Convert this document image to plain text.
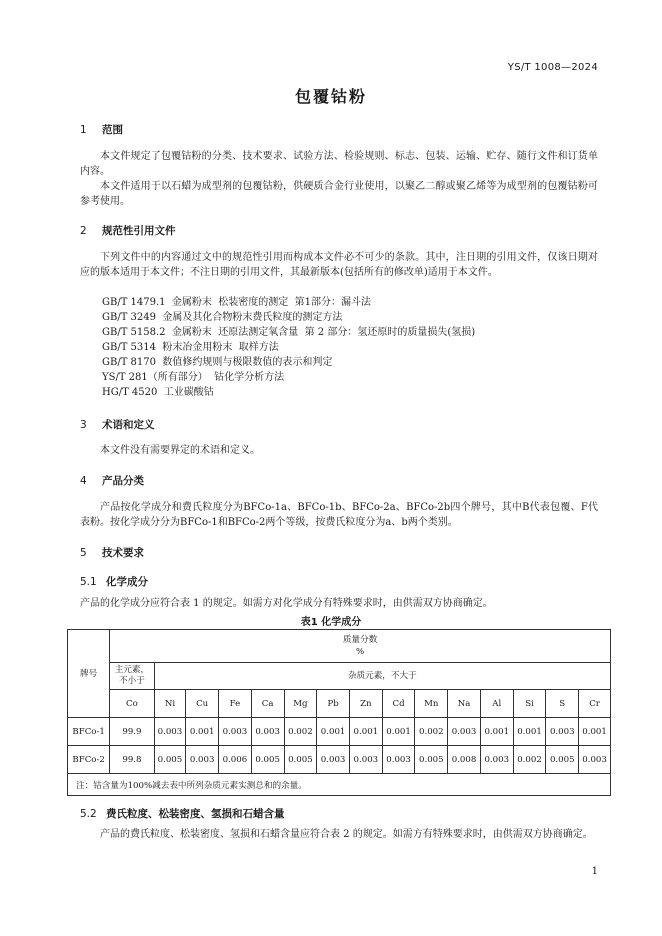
YS/T 1008—2024
包覆钴粉
1 范围

本文件规定了包覆钴粉的分类、技术要求、试验方法、检验规则、标志、包装、运输、贮存、随行文件和订货单内容。

本文件适用于以石蜡为成型剂的包覆钴粉，供硬质合金行业使用，以聚乙二醇或聚乙烯等为成型剂的包覆钴粉可参考使用。

2 规范性引用文件

下列文件中的内容通过文中的规范性引用而构成本文件必不可少的条款。其中，注日期的引用文件，仅该日期对应的版本适用于本文件；不注日期的引用文件，其最新版本(包括所有的修改单)适用于本文件。

GB/T 1479.1  金属粉末  松装密度的测定  第1部分：漏斗法
GB/T 3249  金属及其化合物粉末费氏粒度的测定方法
GB/T 5158.2  金属粉末  还原法测定氧含量  第 2 部分：氢还原时的质量损失(氢损)
GB/T 5314  粉末冶金用粉末  取样方法
GB/T 8170  数值修约规则与极限数值的表示和判定
YS/T 281（所有部分）  钴化学分析方法
HG/T 4520  工业碳酸钴
3 术语和定义

本文件没有需要界定的术语和定义。

4 产品分类

产品按化学成分和费氏粒度分为BFCo-1a、BFCo-1b、BFCo-2a、BFCo-2b四个牌号，其中B代表包覆、F代表粉。按化学成分分为BFCo-1和BFCo-2两个等级，按费氏粒度分为a、b两个类别。

5 技术要求
5.1 化学成分

产品的化学成分应符合表 1 的规定。如需方对化学成分有特殊要求时，由供需双方协商确定。

表1 化学成分
牌号	质量分数
%														
	主元素，
不小于	杂质元素，不大于													
	Co	Ni	Cu	Fe	Ca	Mg	Pb	Zn	Cd	Mn	Na	Al	Si	S	Cr
BFCo-1	99.9	0.003	0.001	0.003	0.003	0.002	0.001	0.001	0.001	0.002	0.003	0.001	0.001	0.003	0.001
BFCo-2	99.8	0.005	0.003	0.006	0.005	0.005	0.003	0.003	0.003	0.005	0.008	0.003	0.002	0.005	0.003
注：钴含量为100%减去表中所列杂质元素实测总和的余量。															
5.2 费氏粒度、松装密度、氢损和石蜡含量

产品的费氏粒度、松装密度、氢损和石蜡含量应符合表 2 的规定。如需方有特殊要求时，由供需双方协商确定。

1
